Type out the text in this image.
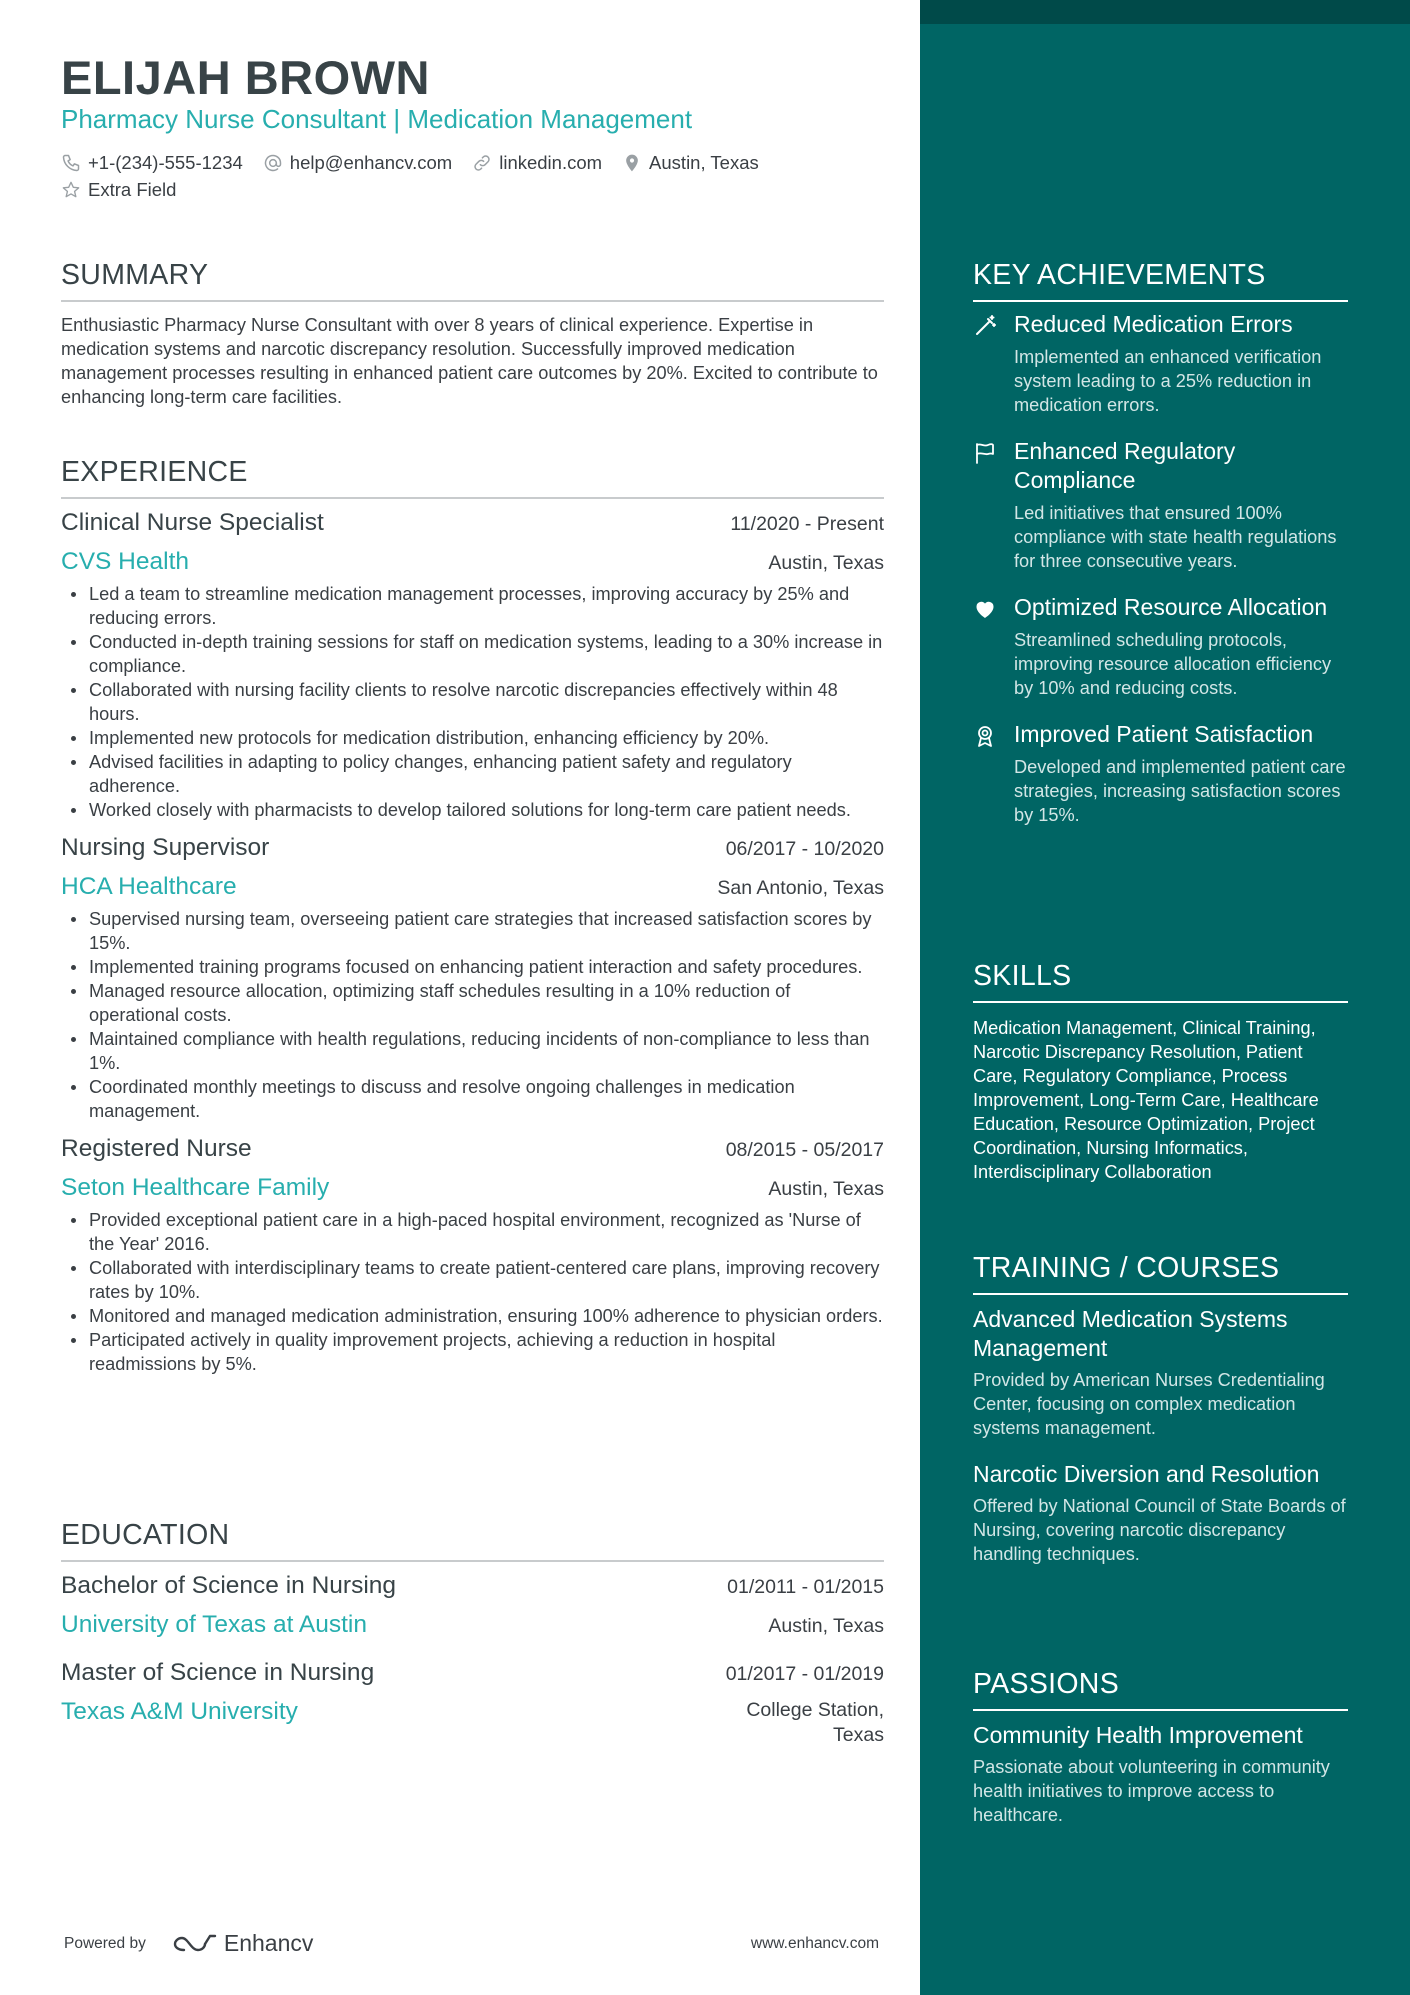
ELIJAH BROWN
Pharmacy Nurse Consultant | Medication Management
+1-(234)-555-1234	help@enhancv.com	linkedin.com	Austin, Texas
Extra Field
SUMMARY
Enthusiastic Pharmacy Nurse Consultant with over 8 years of clinical experience. Expertise in medication systems and narcotic discrepancy resolution. Successfully improved medication management processes resulting in enhanced patient care outcomes by 20%. Excited to contribute to enhancing long-term care facilities.
EXPERIENCE
Clinical Nurse Specialist	11/2020 - Present
CVS Health	Austin, Texas
Led a team to streamline medication management processes, improving accuracy by 25% and reducing errors.
Conducted in-depth training sessions for staff on medication systems, leading to a 30% increase in compliance.
Collaborated with nursing facility clients to resolve narcotic discrepancies effectively within 48 hours.
Implemented new protocols for medication distribution, enhancing efficiency by 20%.
Advised facilities in adapting to policy changes, enhancing patient safety and regulatory adherence.
Worked closely with pharmacists to develop tailored solutions for long-term care patient needs.
Nursing Supervisor	06/2017 - 10/2020
HCA Healthcare	San Antonio, Texas
Supervised nursing team, overseeing patient care strategies that increased satisfaction scores by 15%.
Implemented training programs focused on enhancing patient interaction and safety procedures.
Managed resource allocation, optimizing staff schedules resulting in a 10% reduction of operational costs.
Maintained compliance with health regulations, reducing incidents of non-compliance to less than 1%.
Coordinated monthly meetings to discuss and resolve ongoing challenges in medication management.
Registered Nurse	08/2015 - 05/2017
Seton Healthcare Family	Austin, Texas
Provided exceptional patient care in a high-paced hospital environment, recognized as 'Nurse of the Year' 2016.
Collaborated with interdisciplinary teams to create patient-centered care plans, improving recovery rates by 10%.
Monitored and managed medication administration, ensuring 100% adherence to physician orders.
Participated actively in quality improvement projects, achieving a reduction in hospital readmissions by 5%.
EDUCATION
Bachelor of Science in Nursing	01/2011 - 01/2015
University of Texas at Austin	Austin, Texas
Master of Science in Nursing	01/2017 - 01/2019
Texas A&M University	College Station,
Texas
Powered by	Enhancv	www.enhancv.com
KEY ACHIEVEMENTS
Reduced Medication Errors
Implemented an enhanced verification system leading to a 25% reduction in medication errors.
Enhanced Regulatory Compliance
Led initiatives that ensured 100% compliance with state health regulations for three consecutive years.
Optimized Resource Allocation
Streamlined scheduling protocols, improving resource allocation efficiency by 10% and reducing costs.
Improved Patient Satisfaction
Developed and implemented patient care strategies, increasing satisfaction scores by 15%.
SKILLS
Medication Management, Clinical Training, Narcotic Discrepancy Resolution, Patient Care, Regulatory Compliance, Process Improvement, Long-Term Care, Healthcare Education, Resource Optimization, Project Coordination, Nursing Informatics, Interdisciplinary Collaboration
TRAINING / COURSES
Advanced Medication Systems Management
Provided by American Nurses Credentialing Center, focusing on complex medication systems management.
Narcotic Diversion and Resolution
Offered by National Council of State Boards of Nursing, covering narcotic discrepancy handling techniques.
PASSIONS
Community Health Improvement
Passionate about volunteering in community health initiatives to improve access to healthcare.
